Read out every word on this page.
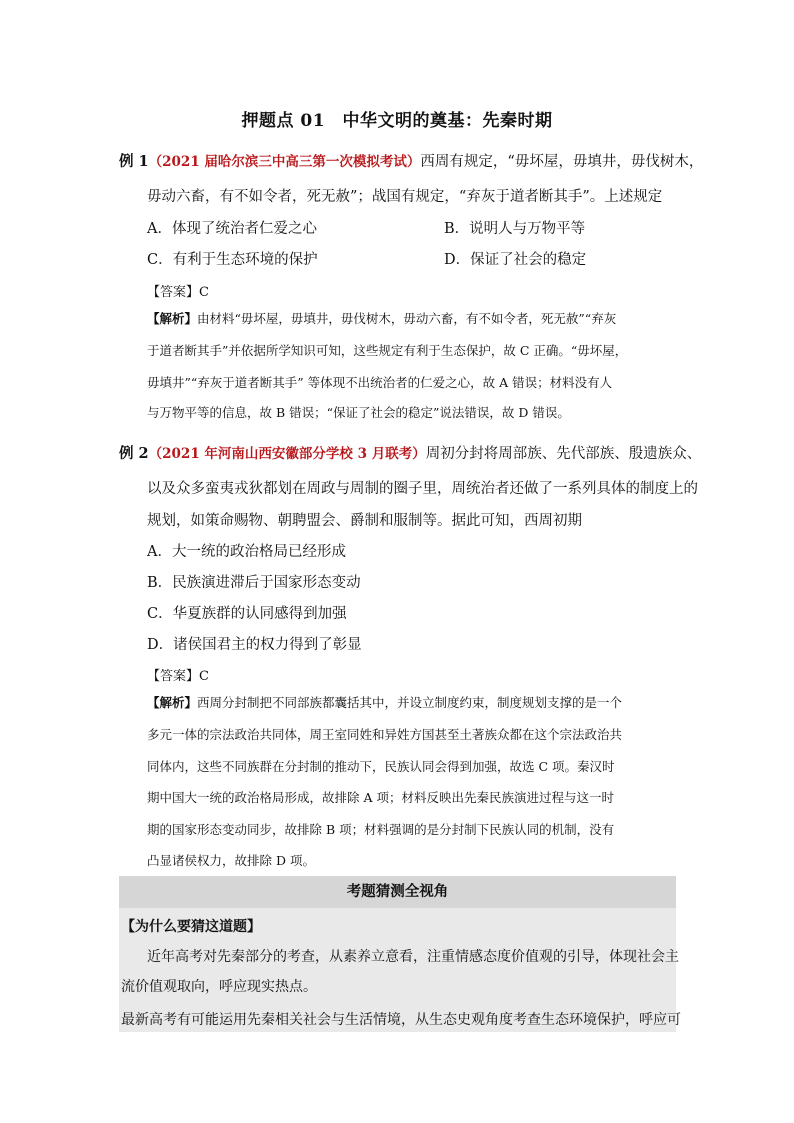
押题点 01　中华文明的奠基：先秦时期
例 1（2021 届哈尔滨三中高三第一次模拟考试）西周有规定，“毋坏屋，毋填井，毋伐树木，
毋动六畜，有不如令者，死无赦”；战国有规定，“弃灰于道者断其手”。上述规定
A．体现了统治者仁爱之心	B．说明人与万物平等
C．有利于生态环境的保护	D．保证了社会的稳定
【答案】C
【解析】由材料“毋坏屋，毋填井，毋伐树木，毋动六畜，有不如令者，死无赦”“弃灰
于道者断其手”并依据所学知识可知，这些规定有利于生态保护，故 C 正确。“毋坏屋，
毋填井”“弃灰于道者断其手” 等体现不出统治者的仁爱之心，故 A 错误；材料没有人
与万物平等的信息，故 B 错误；“保证了社会的稳定”说法错误，故 D 错误。
例 2（2021 年河南山西安徽部分学校 3 月联考）周初分封将周部族、先代部族、殷遗族众、
以及众多蛮夷戎狄都划在周政与周制的圈子里，周统治者还做了一系列具体的制度上的
规划，如策命赐物、朝聘盟会、爵制和服制等。据此可知，西周初期
A．大一统的政治格局已经形成
B．民族演进滞后于国家形态变动
C．华夏族群的认同感得到加强
D．诸侯国君主的权力得到了彰显
【答案】C
【解析】西周分封制把不同部族都囊括其中，并设立制度约束，制度规划支撑的是一个
多元一体的宗法政治共同体，周王室同姓和异姓方国甚至土著族众都在这个宗法政治共
同体内，这些不同族群在分封制的推动下，民族认同会得到加强，故选 C 项。秦汉时
期中国大一统的政治格局形成，故排除 A 项；材料反映出先秦民族演进过程与这一时
期的国家形态变动同步，故排除 B 项；材料强调的是分封制下民族认同的机制，没有
凸显诸侯权力，故排除 D 项。
考题猜测全视角
【为什么要猜这道题】
近年高考对先秦部分的考查，从素养立意看，注重情感态度价值观的引导，体现社会主
流价值观取向，呼应现实热点。
最新高考有可能运用先秦相关社会与生活情境，从生态史观角度考查生态环境保护，呼应可
